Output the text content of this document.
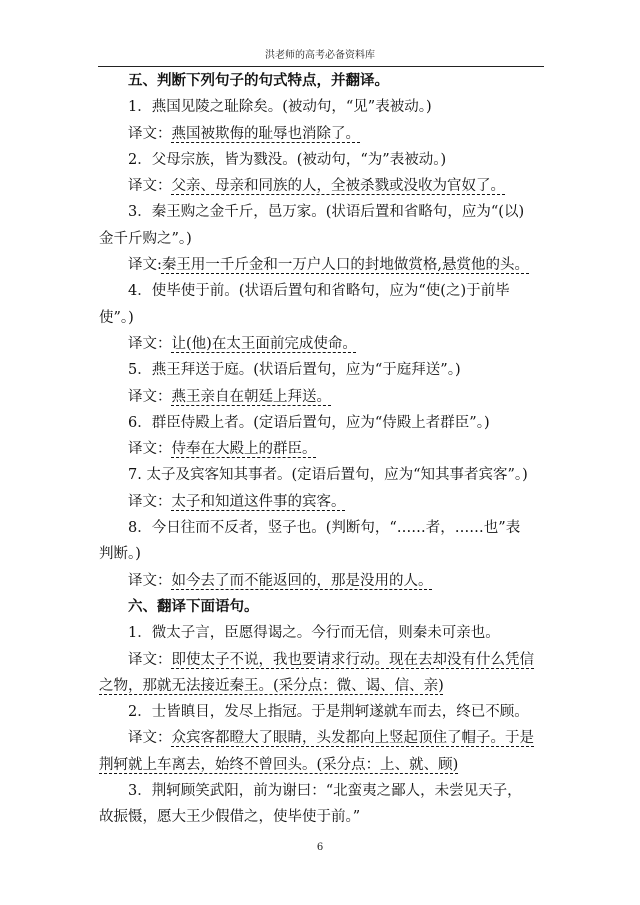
洪老师的高考必备资料库
五、判断下列句子的句式特点，并翻译。
1．燕国见陵之耻除矣。(被动句，“见”表被动。)
译文：燕国被欺侮的耻辱也消除了。
2．父母宗族，皆为戮没。(被动句，“为”表被动。)
译文：父亲、母亲和同族的人，全被杀戮或没收为官奴了。
3．秦王购之金千斤，邑万家。(状语后置和省略句，应为“(以)
金千斤购之”。)
译文:秦王用一千斤金和一万户人口的封地做赏格,悬赏他的头。
4．使毕使于前。(状语后置句和省略句，应为“使(之)于前毕
使”。)
译文：让(他)在太王面前完成使命。
5．燕王拜送于庭。(状语后置句，应为“于庭拜送”。)
译文：燕王亲自在朝廷上拜送。
6．群臣侍殿上者。(定语后置句，应为“侍殿上者群臣”。)
译文：侍奉在大殿上的群臣。
7. 太子及宾客知其事者。(定语后置句，应为“知其事者宾客”。)
译文：太子和知道这件事的宾客。
8．今日往而不反者，竖子也。(判断句，“……者，……也”表
判断。)
译文：如今去了而不能返回的，那是没用的人。
六、翻译下面语句。
1．微太子言，臣愿得谒之。今行而无信，则秦未可亲也。
译文：即使太子不说，我也要请求行动。现在去却没有什么凭信
之物，那就无法接近秦王。(采分点：微、谒、信、亲)
2．士皆瞋目，发尽上指冠。于是荆轲遂就车而去，终已不顾。
译文：众宾客都瞪大了眼睛，头发都向上竖起顶住了帽子。于是
荆轲就上车离去，始终不曾回头。(采分点：上、就、顾)
3．荆轲顾笑武阳，前为谢曰：“北蛮夷之鄙人，未尝见天子，
故振慑，愿大王少假借之，使毕使于前。”
6
